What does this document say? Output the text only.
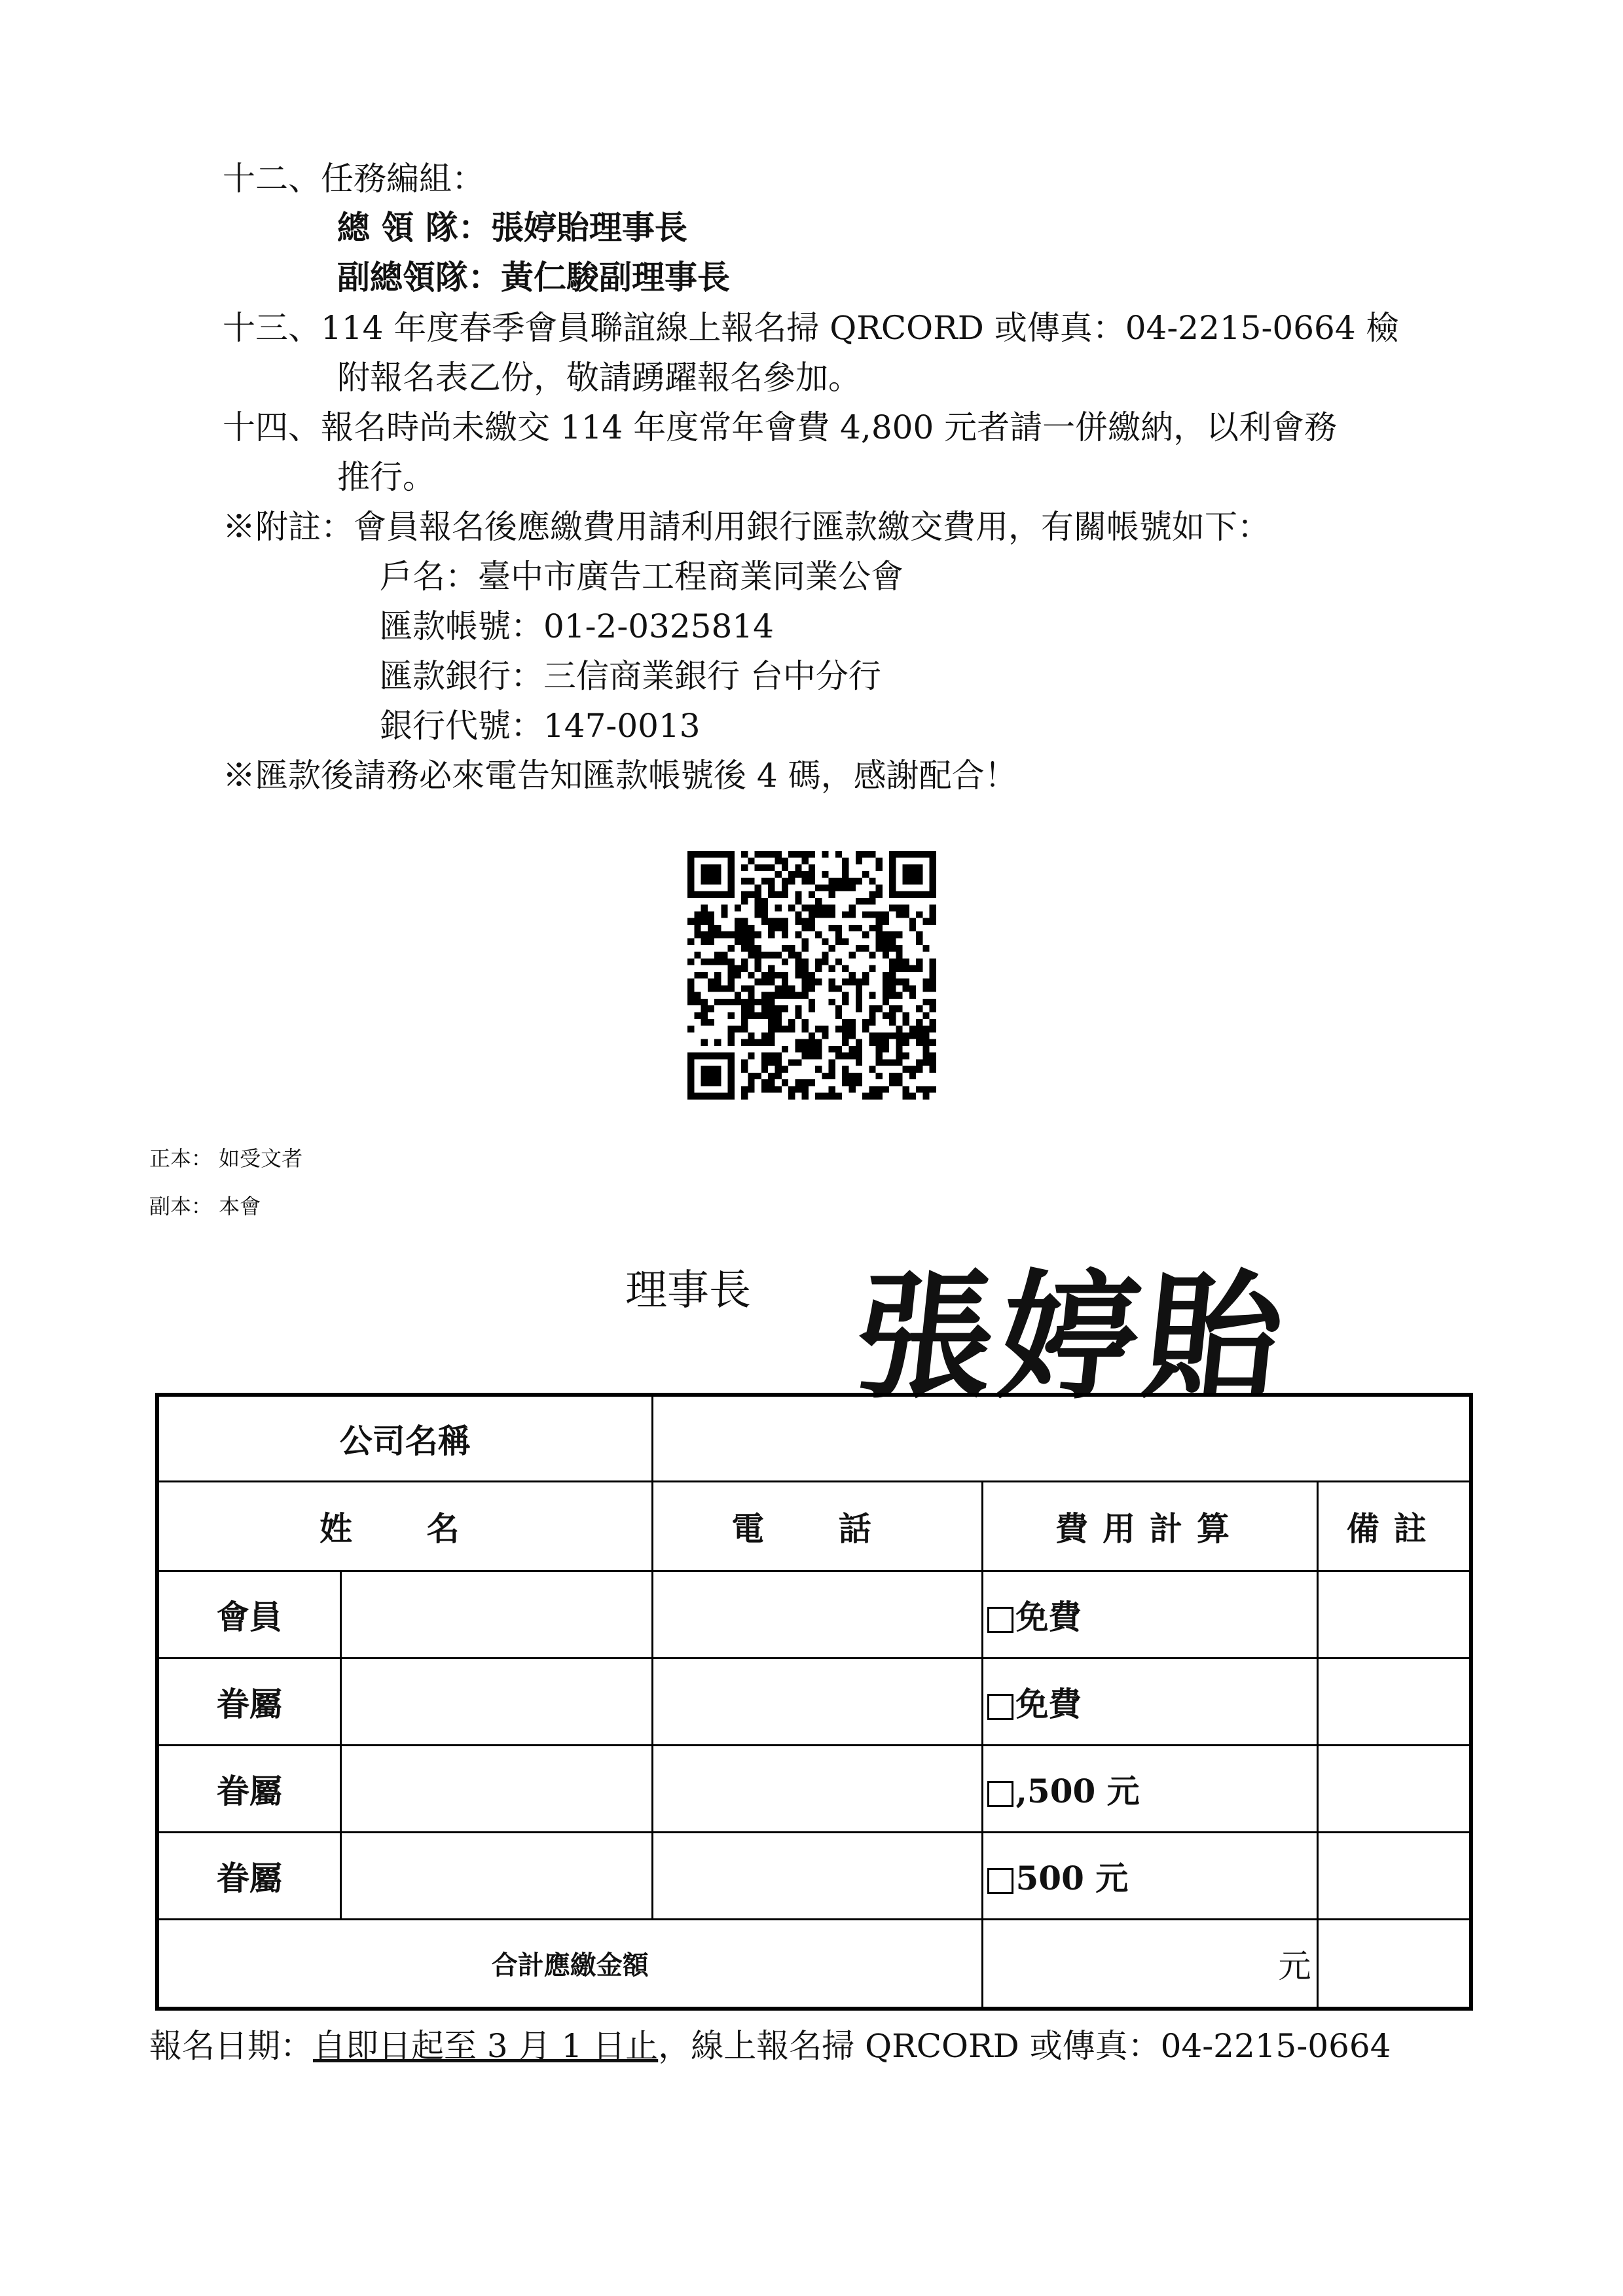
十二、任務編組：
總 領 隊：張婷貽理事長
副總領隊：黃仁駿副理事長
十三、114 年度春季會員聯誼線上報名掃 QRCORD 或傳真：04-2215-0664 檢
附報名表乙份，敬請踴躍報名參加。
十四、報名時尚未繳交 114 年度常年會費 4,800 元者請一併繳納，以利會務
推行。
※附註：會員報名後應繳費用請利用銀行匯款繳交費用，有關帳號如下：
戶名：臺中市廣告工程商業同業公會
匯款帳號：01-2-0325814
匯款銀行：三信商業銀行 台中分行
銀行代號：147-0013
※匯款後請務必來電告知匯款帳號後 4 碼，感謝配合！
正本： 如受文者
副本： 本會
理事長 張婷貽
公司名稱				
姓 名		電 話	費用計算	備註
會員			免費	
眷屬			免費	
眷屬			,500 元	
眷屬			500 元	
合計應繳金額			元	
報名日期：自即日起至 3 月 1 日止，線上報名掃 QRCORD 或傳真：04-2215-0664
